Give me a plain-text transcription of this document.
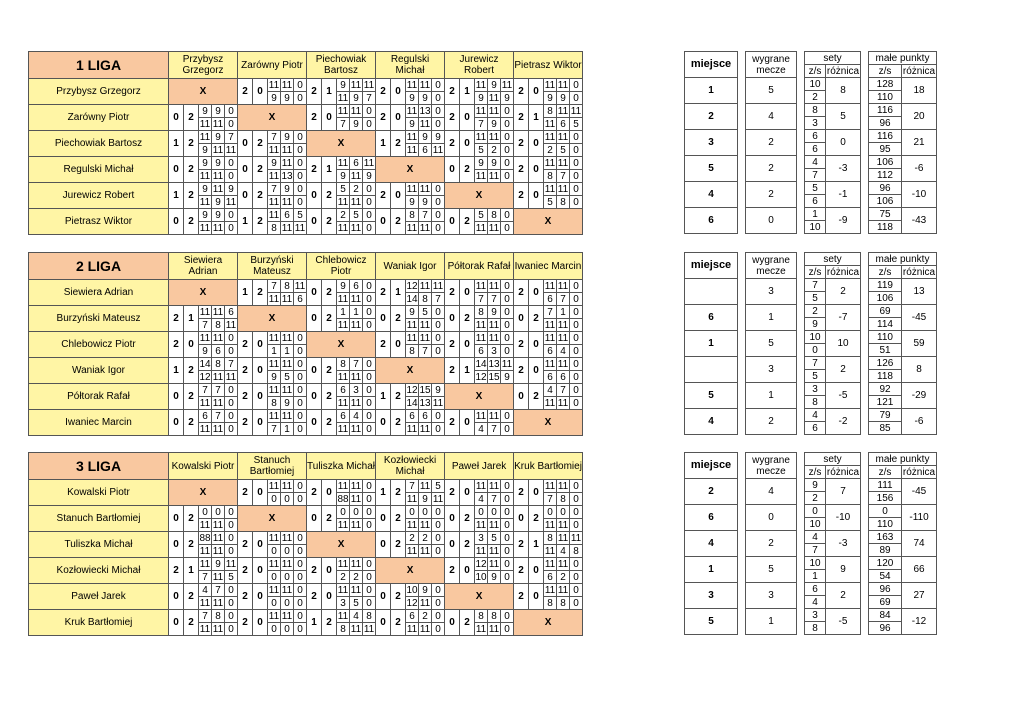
1 LIGA	Przybysz
Grzegorz					Zarówny Piotr					Piechowiak
Bartosz					Regulski Michał					Jurewicz Robert					Pietrasz Wiktor				
Przybysz Grzegorz	X					2	0	11	11	0	2	1	9	11	11	2	0	11	11	0	2	1	11	9	11	2	0	11	11	0
								9	9	0			11	9	7			9	9	0			9	11	9			9	9	0
Zarówny Piotr	0	2	9	9	0	X					2	0	11	11	0	2	0	11	13	0	2	0	11	11	0	2	1	8	11	11
			11	11	0								7	9	0			9	11	0			7	9	0			11	6	5
Piechowiak Bartosz	1	2	11	9	7	0	2	7	9	0	X					1	2	11	9	9	2	0	11	11	0	2	0	11	11	0
			9	11	11			11	11	0								11	6	11			5	2	0			2	5	0
Regulski Michał	0	2	9	9	0	0	2	9	11	0	2	1	11	6	11	X					0	2	9	9	0	2	0	11	11	0
			11	11	0			11	13	0			9	11	9								11	11	0			8	7	0
Jurewicz Robert	1	2	9	11	9	0	2	7	9	0	0	2	5	2	0	2	0	11	11	0	X					2	0	11	11	0
			11	9	11			11	11	0			11	11	0			9	9	0								5	8	0
Pietrasz Wiktor	0	2	9	9	0	1	2	11	6	5	0	2	2	5	0	0	2	8	7	0	0	2	5	8	0	X				
			11	11	0			8	11	11			11	11	0			11	11	0			11	11	0					
miejsce		wygrane
mecze		sety			małe punkty	
				z/s	różnica		z/s	różnica
1		5		10	8		128	18
				2			110	
2		4		8	5		116	20
				3			96	
3		2		6	0		116	21
				6			95	
5		2		4	-3		106	-6
				7			112	
4		2		5	-1		96	-10
				6			106	
6		0		1	-9		75	-43
				10			118	
2 LIGA	Siewiera Adrian					Burzyński
Mateusz					Chlebowicz Piotr					Waniak Igor					Półtorak Rafał					Iwaniec Marcin				
Siewiera Adrian	X					1	2	7	8	11	0	2	9	6	0	2	1	12	11	11	2	0	11	11	0	2	0	11	11	0
								11	11	6			11	11	0			14	8	7			7	7	0			6	7	0
Burzyński Mateusz	2	1	11	11	6	X					0	2	1	1	0	0	2	9	5	0	0	2	8	9	0	0	2	7	1	0
			7	8	11								11	11	0			11	11	0			11	11	0			11	11	0
Chlebowicz Piotr	2	0	11	11	0	2	0	11	11	0	X					2	0	11	11	0	2	0	11	11	0	2	0	11	11	0
			9	6	0			1	1	0								8	7	0			6	3	0			6	4	0
Waniak Igor	1	2	14	8	7	2	0	11	11	0	0	2	8	7	0	X					2	1	14	13	11	2	0	11	11	0
			12	11	11			9	5	0			11	11	0								12	15	9			6	6	0
Półtorak Rafał	0	2	7	7	0	2	0	11	11	0	0	2	6	3	0	1	2	12	15	9	X					0	2	4	7	0
			11	11	0			8	9	0			11	11	0			14	13	11								11	11	0
Iwaniec Marcin	0	2	6	7	0	2	0	11	11	0	0	2	6	4	0	0	2	6	6	0	2	0	11	11	0	X				
			11	11	0			7	1	0			11	11	0			11	11	0			4	7	0					
miejsce		wygrane
mecze		sety			małe punkty	
				z/s	różnica		z/s	różnica
		3		7	2		119	13
				5			106	
6		1		2	-7		69	-45
				9			114	
1		5		10	10		110	59
				0			51	
		3		7	2		126	8
				5			118	
5		1		3	-5		92	-29
				8			121	
4		2		4	-2		79	-6
				6			85	
3 LIGA	Kowalski Piotr					Stanuch
Bartłomiej					Tuliszka Michał					Kozłowiecki
Michał					Paweł Jarek					Kruk Bartłomiej				
Kowalski Piotr	X					2	0	11	11	0	2	0	11	11	0	1	2	7	11	5	2	0	11	11	0	2	0	11	11	0
								0	0	0			88	11	0			11	9	11			4	7	0			7	8	0
Stanuch Bartłomiej	0	2	0	0	0	X					0	2	0	0	0	0	2	0	0	0	0	2	0	0	0	0	2	0	0	0
			11	11	0								11	11	0			11	11	0			11	11	0			11	11	0
Tuliszka Michał	0	2	88	11	0	2	0	11	11	0	X					0	2	2	2	0	0	2	3	5	0	2	1	8	11	11
			11	11	0			0	0	0								11	11	0			11	11	0			11	4	8
Kozłowiecki Michał	2	1	11	9	11	2	0	11	11	0	2	0	11	11	0	X					2	0	12	11	0	2	0	11	11	0
			7	11	5			0	0	0			2	2	0								10	9	0			6	2	0
Paweł Jarek	0	2	4	7	0	2	0	11	11	0	2	0	11	11	0	0	2	10	9	0	X					2	0	11	11	0
			11	11	0			0	0	0			3	5	0			12	11	0								8	8	0
Kruk Bartłomiej	0	2	7	8	0	2	0	11	11	0	1	2	11	4	8	0	2	6	2	0	0	2	8	8	0	X				
			11	11	0			0	0	0			8	11	11			11	11	0			11	11	0					
miejsce		wygrane
mecze		sety			małe punkty	
				z/s	różnica		z/s	różnica
2		4		9	7		111	-45
				2			156	
6		0		0	-10		0	-110
				10			110	
4		2		4	-3		163	74
				7			89	
1		5		10	9		120	66
				1			54	
3		3		6	2		96	27
				4			69	
5		1		3	-5		84	-12
				8			96	
